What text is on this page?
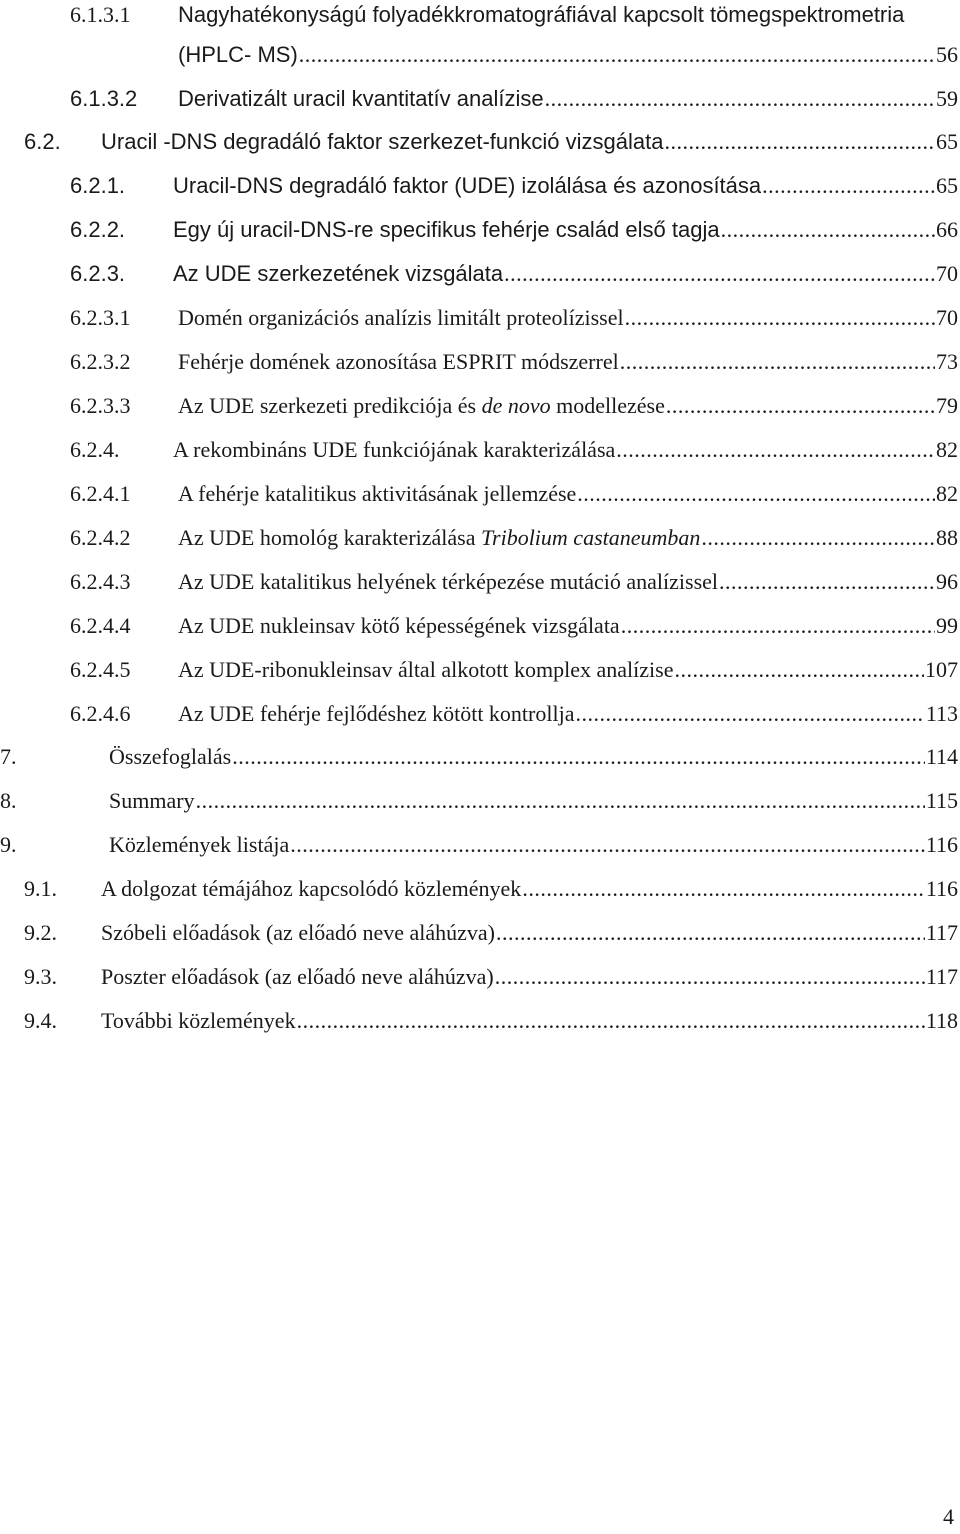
6.1.3.1 Nagyhatékonyságú folyadékkromatográfiával kapcsolt tömegspektrometria
(HPLC- MS) .....	56
6.1.3.2 Derivatizált uracil kvantitatív analízise .....	59
6.2. Uracil -DNS degradáló faktor szerkezet-funkció vizsgálata .....	65
6.2.1. Uracil-DNS degradáló faktor (UDE) izolálása és azonosítása .....	65
6.2.2. Egy új uracil-DNS-re specifikus fehérje család első tagja .....	66
6.2.3. Az UDE szerkezetének vizsgálata .....	70
6.2.3.1 Domén organizációs analízis limitált proteolízissel .....	70
6.2.3.2 Fehérje domének azonosítása ESPRIT módszerrel .....	73
6.2.3.3 Az UDE szerkezeti predikciója és de novo modellezése .....	79
6.2.4. A rekombináns UDE funkciójának karakterizálása .....	82
6.2.4.1 A fehérje katalitikus aktivitásának jellemzése .....	82
6.2.4.2 Az UDE homológ karakterizálása Tribolium castaneumban .....	88
6.2.4.3 Az UDE katalitikus helyének térképezése mutáció analízissel .....	96
6.2.4.4 Az UDE nukleinsav kötő képességének vizsgálata .....	99
6.2.4.5 Az UDE-ribonukleinsav által alkotott komplex analízise .....	107
6.2.4.6 Az UDE fehérje fejlődéshez kötött kontrollja .....	113
7.	Összefoglalás .....	114
8.	Summary .....	115
9.	Közlemények listája .....	116
9.1. A dolgozat témájához kapcsolódó közlemények .....	116
9.2. Szóbeli előadások (az előadó neve aláhúzva) .....	117
9.3. Poszter előadások (az előadó neve aláhúzva) .....	117
9.4. További közlemények .....	118
4
